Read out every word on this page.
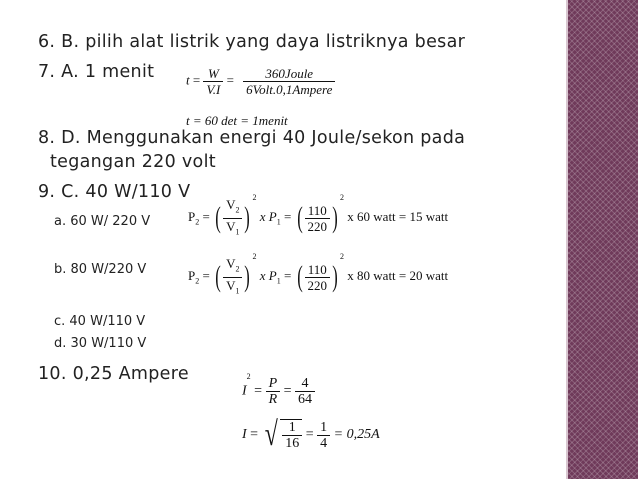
6. B. pilih alat listrik yang daya listriknya besar
7. A. 1 menit $t = \frac{W}{V.I} = \frac{\text{360Joule}}{\text{6Volt.0,1Ampere}}$
t = 60 det = 1menit
8. D. Menggunakan energi 40 Joule/sekon pada
tegangan 220 volt
9. C. 40 W/110 V
a. 60 W/ 220 V	$P_2$ = ( $\frac{V_2}{V_1} )^2$ x $P_1$ = ( $\frac{110}{220} )^2$ x 60 watt = 15 watt
b. 80 W/220 V	$P_2$ = ( $\frac{V_2}{V_1} )^2$ x $P_1$ = ( $\frac{110}{220} )^2$ x 80 watt = 20 watt
c. 40 W/110 V
d. 30 W/110 V
10. 0,25 Ampere
$I^2 = \frac{P}{R} = \frac{4}{64}$
I = √ $\frac{1}{16} = \frac{1}{4} = 0,25A$
